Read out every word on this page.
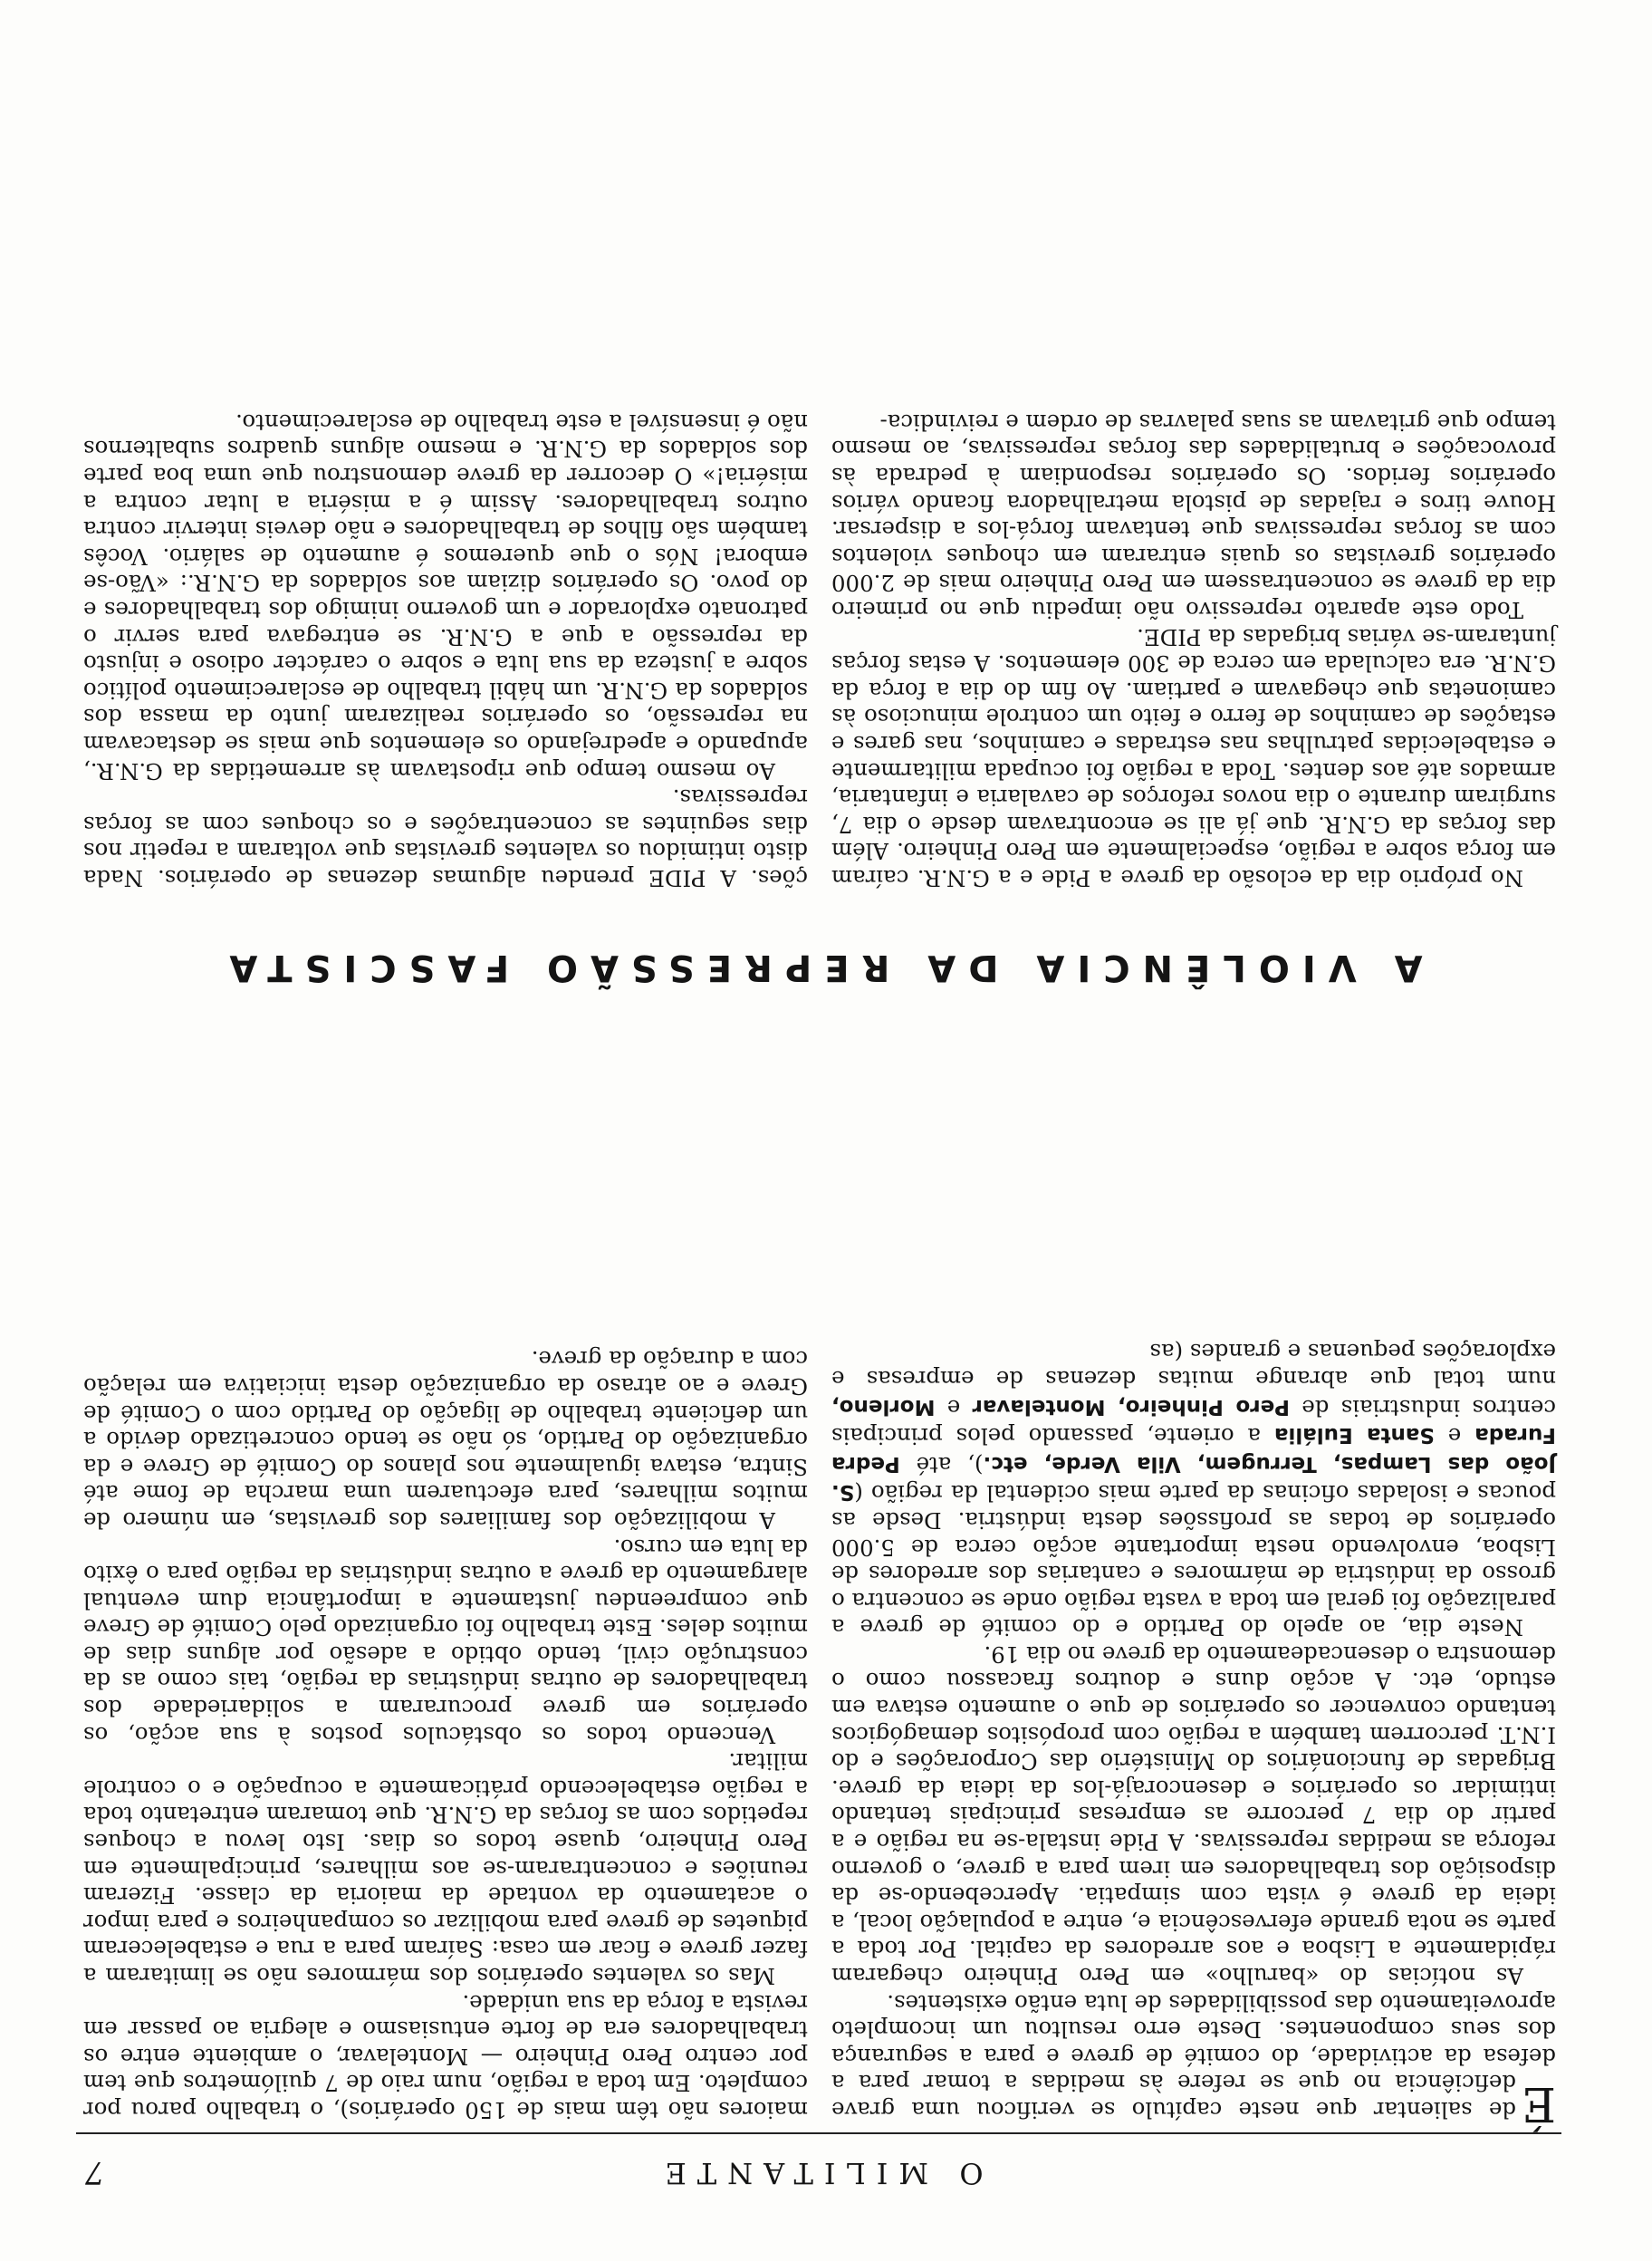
O MILITANTE
7

É
de salientar que neste capítulo se verificou uma grave deficiência no que se refere às medidas a tomar para a defesa da actividade, do comité de greve e para a segurança dos seus componentes. Deste erro resultou um incompleto aproveitamento das possibilidades de luta então existentes.

As notícias do «barulho» em Pero Pinheiro chegaram rápidamente a Lisboa e aos arredores da capital. Por toda a parte se nota grande efervescência e, entre a população local, a ideia da greve é vista com simpatia. Apercebendo-se da disposição dos trabalhadores em irem para a greve, o governo reforça as medidas repressivas. A Pide instala-se na região e a partir do dia 7 percorre as empresas principais tentando intimidar os operários e desencorajá-los da ideia da greve. Brigadas de funcionários do Ministério das Corporações e do I.N.T. percorrem também a região com propósitos demagógicos tentando convencer os operários de que o aumento estava em estudo, etc. A acção duns e doutros fracassou como o demonstra o desencadeamento da greve no dia 19.

Neste dia, ao apelo do Partido e do comité de greve a paralização foi geral em toda a vasta região onde se concentra o grosso da indústria de mármores e cantarias dos arredores de Lisboa, envolvendo nesta importante acção cerca de 5.000 operários de todas as profissões desta indústria. Desde as poucas e isoladas oficinas da parte mais ocidental da região (S. João das Lampas, Terrugem, Vila Verde, etc.), até Pedra Furada e Santa Eulália a oriente, passando pelos principais centros industriais de Pero Pinheiro, Montelavar e Morleno, num total que abrange muitas dezenas de empresas e explorações pequenas e grandes (as

maiores não têm mais de 150 operários), o trabalho parou por completo. Em toda a região, num raio de 7 quilómetros que tem por centro Pero Pinheiro — Montelavar, o ambiente entre os trabalhadores era de forte entusiasmo e alegria ao passar em revista a força da sua unidade.

Mas os valentes operários dos mármores não se limitaram a fazer greve e ficar em casa: Saíram para a rua e estabeleceram piquetes de greve para mobilizar os companheiros e para impor o acatamento da vontade da maioria da classe. Fizeram reuniões e concentraram-se aos milhares, principalmente em Pero Pinheiro, quase todos os dias. Isto levou a choques repetidos com as forças da G.N.R. que tomaram entretanto toda a região estabelecendo práticamente a ocupação e o controle militar.

Vencendo todos os obstáculos postos à sua acção, os operários em greve procuraram a solidariedade dos trabalhadores de outras indústrias da região, tais como as da construção civil, tendo obtido a adesão por alguns dias de muitos deles. Este trabalho foi organizado pelo Comité de Greve que compreendeu justamente a importância dum eventual alargamento da greve a outras indústrias da região para o êxito da luta em curso.

A mobilização dos familiares dos grevistas, em número de muitos milhares, para efectuarem uma marcha de fome até Sintra, estava igualmente nos planos do Comité de Greve e da organização do Partido, só não se tendo concretizado devido a um deficiente trabalho de ligação do Partido com o Comité de Greve e ao atraso da organização desta iniciativa em relação com a duração da greve.

A VIOLÊNCIA DA REPRESSÃO FASCISTA

No próprio dia da eclosão da greve a Pide e a G.N.R. caíram em força sobre a região, especialmente em Pero Pinheiro. Além das forças da G.N.R. que já ali se encontravam desde o dia 7, surgiram durante o dia novos reforços de cavalaria e infantaria, armados até aos dentes. Toda a região foi ocupada militarmente e estabelecidas patrulhas nas estradas e caminhos, nas gares e estações de caminhos de ferro e feito um controle minucioso às camionetas que chegavam e partiam. Ao fim do dia a força da G.N.R. era calculada em cerca de 300 elementos. A estas forças juntaram-se várias brigadas da PIDE.

Todo este aparato repressivo não impediu que no primeiro dia da greve se concentrassem em Pero Pinheiro mais de 2.000 operários grevistas os quais entraram em choques violentos com as forças repressivas que tentavam forçá-los a dispersar. Houve tiros e rajadas de pistola metralhadora ficando vários operários feridos. Os operários respondiam à pedrada às provocações e brutalidades das forças repressivas, ao mesmo tempo que gritavam as suas palavras de ordem e reivindica-

ções. A PIDE prendeu algumas dezenas de operários. Nada disto intimidou os valentes grevistas que voltaram a repetir nos dias seguintes as concentrações e os choques com as forças repressivas.

Ao mesmo tempo que ripostavam às arremetidas da G.N.R., apupando e apedrejando os elementos que mais se destacavam na repressão, os operários realizaram junto da massa dos soldados da G.N.R. um hábil trabalho de esclarecimento político sobre a justeza da sua luta e sobre o carácter odioso e injusto da repressão a que a G.N.R. se entregava para servir o patronato explorador e um governo inimigo dos trabalhadores e do povo. Os operários diziam aos soldados da G.N.R.: «Vão-se embora! Nós o que queremos é aumento de salário. Vocês também são filhos de trabalhadores e não deveis intervir contra outros trabalhadores. Assim é a miséria a lutar contra a miséria!» O decorrer da greve demonstrou que uma boa parte dos soldados da G.N.R. e mesmo alguns quadros subalternos não é insensível a este trabalho de esclarecimento.
